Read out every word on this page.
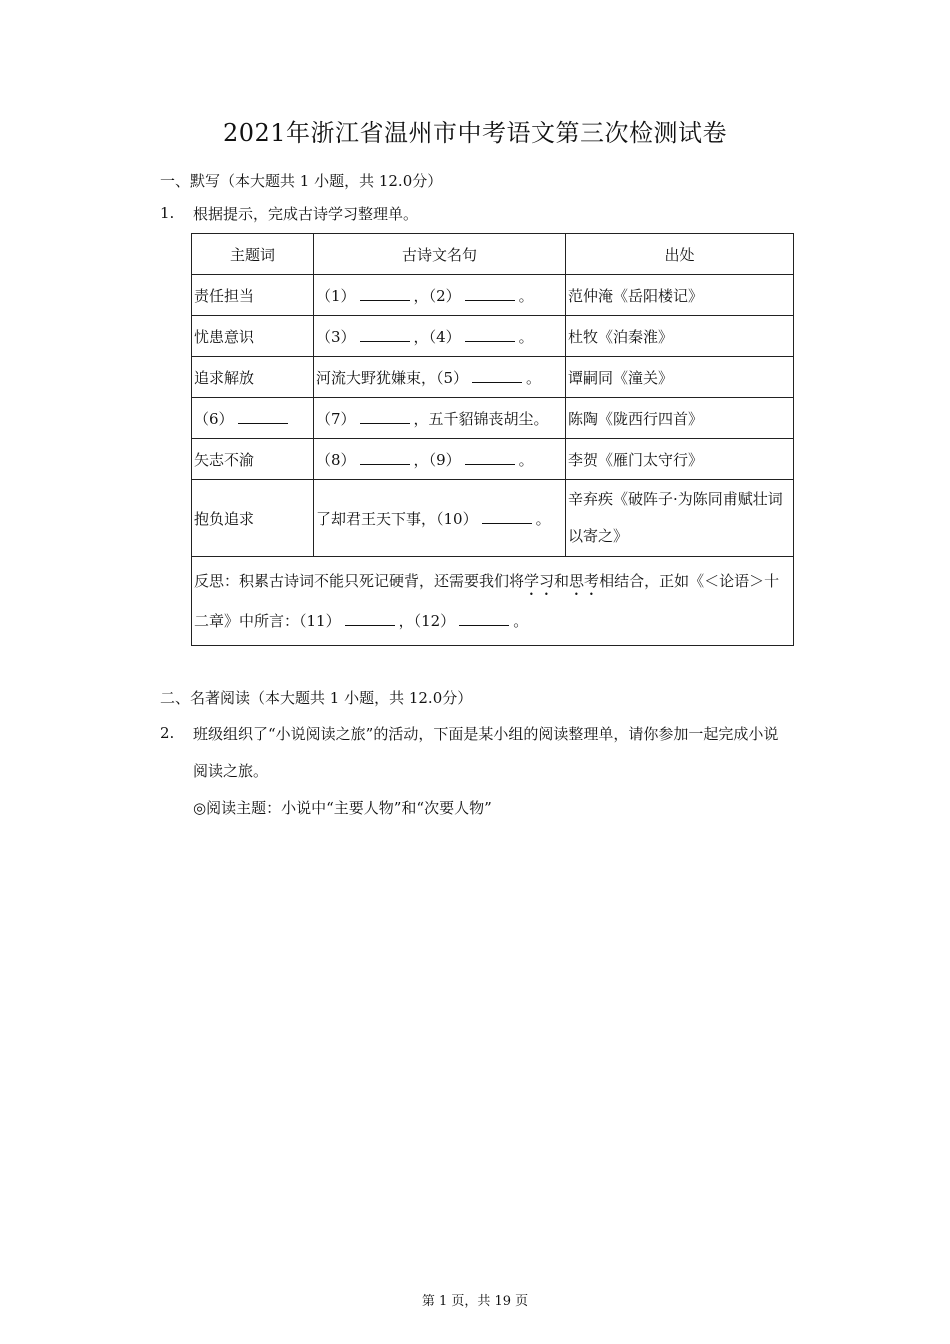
2021年浙江省温州市中考语文第三次检测试卷
一、默写（本大题共 1 小题，共 12.0分）
1. 根据提示，完成古诗学习整理单。
主题词	古诗文名句	出处
责任担当	（1） ，（2） 。	范仲淹《岳阳楼记》
忧患意识	（3） ，（4） 。	杜牧《泊秦淮》
追求解放	河流大野犹嫌束，（5） 。	谭嗣同《潼关》
（6）	（7） ，五千貂锦丧胡尘。	陈陶《陇西行四首》
矢志不渝	（8） ，（9） 。	李贺《雁门太守行》
抱负追求	了却君王天下事，（10） 。	辛弃疾《破阵子·为陈同甫赋壮词以寄之》
反思：积累古诗词不能只死记硬背，还需要我们将学习和思考相结合，正如《＜论语＞十二章》中所言：（11） ，（12） 。		
二、名著阅读（本大题共 1 小题，共 12.0分）
2. 班级组织了“小说阅读之旅”的活动，下面是某小组的阅读整理单，请你参加一起完成小说阅读之旅。
◎阅读主题：小说中“主要人物”和“次要人物”
第 1 页，共 19 页
